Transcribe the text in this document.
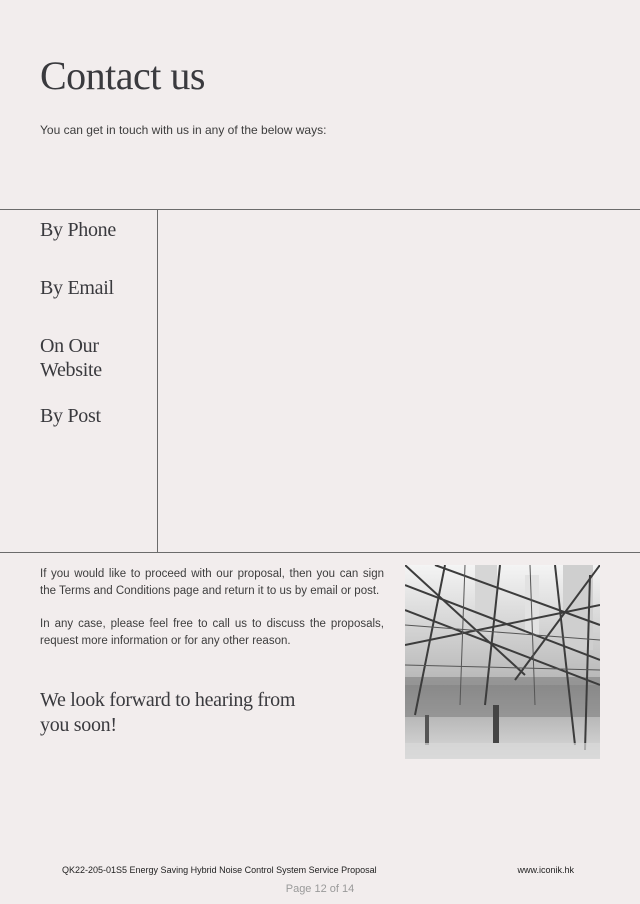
Contact us
You can get in touch with us in any of the below ways:

By Phone

By Email

On Our Website

By Post

If you would like to proceed with our proposal, then you can sign the Terms and Conditions page and return it to us by email or post.

In any case, please feel free to call us to discuss the proposals, request more information or for any other reason.

We look forward to hearing from you soon!

QK22-205-01S5 Energy Saving Hybrid Noise Control System Service Proposal	www.iconik.hk
Page 12 of 14
